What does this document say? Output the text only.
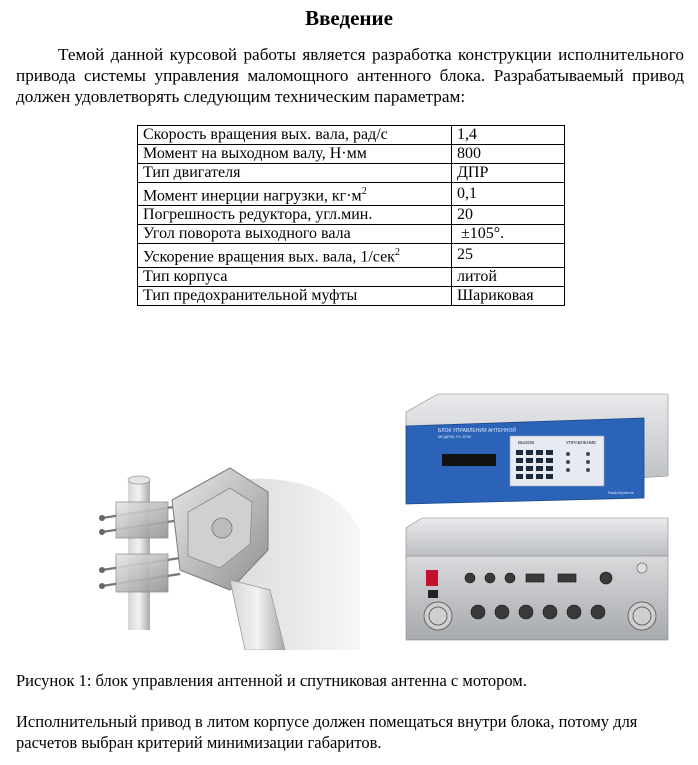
Введение

Темой данной курсовой работы является разработка конструкции исполнительного привода системы управления маломощного антенного блока. Разрабатываемый привод должен удовлетворять следующим техническим параметрам:

Скорость вращения вых. вала, рад/с	1,4
Момент на выходном валу, Н·мм	800
Тип двигателя	ДПР
Момент инерции нагрузки, $кг\cdot м^2$	0,1
Погрешность редуктора, угл.мин.	20
Угол поворота выходного вала	±105°.
Ускорение вращения вых. вала, 1/сек$^2$	25
Тип корпуса	литой
Тип предохранительной муфты	Шариковая
БЛОК УПРАВЛЕНИЯ АНТЕННОЙ
МОДЕЛЬ PL-3700
ВЫЗОВ	УПРАВЛЕНИЕ
RadioSystems

Рисунок 1: блок управления антенной и спутниковая антенна с мотором.

Исполнительный привод в литом корпусе должен помещаться внутри блока, потому для расчетов выбран критерий минимизации габаритов.
